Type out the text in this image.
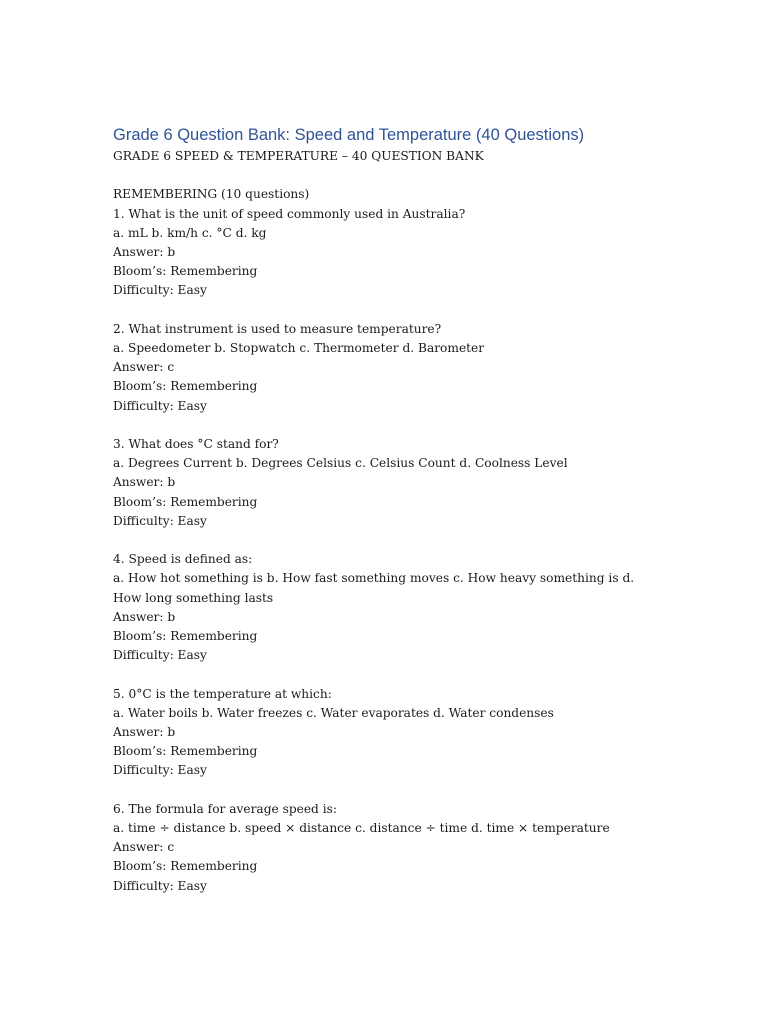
Grade 6 Question Bank: Speed and Temperature (40 Questions)

GRADE 6 SPEED & TEMPERATURE – 40 QUESTION BANK

REMEMBERING (10 questions)

1. What is the unit of speed commonly used in Australia?
a. mL b. km/h c. °C d. kg
Answer: b
Bloom’s: Remembering
Difficulty: Easy
2. What instrument is used to measure temperature?
a. Speedometer b. Stopwatch c. Thermometer d. Barometer
Answer: c
Bloom’s: Remembering
Difficulty: Easy
3. What does °C stand for?
a. Degrees Current b. Degrees Celsius c. Celsius Count d. Coolness Level
Answer: b
Bloom’s: Remembering
Difficulty: Easy
4. Speed is defined as:
a. How hot something is b. How fast something moves c. How heavy something is d. How long something lasts
Answer: b
Bloom’s: Remembering
Difficulty: Easy
5. 0°C is the temperature at which:
a. Water boils b. Water freezes c. Water evaporates d. Water condenses
Answer: b
Bloom’s: Remembering
Difficulty: Easy
6. The formula for average speed is:
a. time ÷ distance b. speed × distance c. distance ÷ time d. time × temperature
Answer: c
Bloom’s: Remembering
Difficulty: Easy
